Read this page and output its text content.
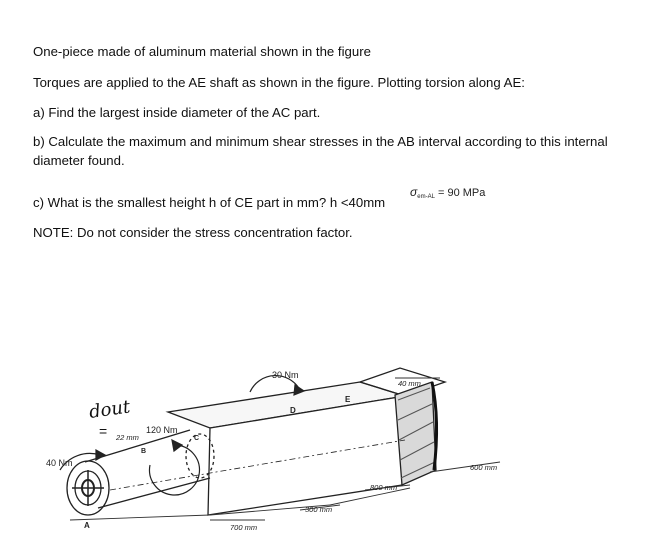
One-piece made of aluminum material shown in the figure
Torques are applied to the AE shaft as shown in the figure. Plotting torsion along AE:
a) Find the largest inside diameter of the AC part.
b) Calculate the maximum and minimum shear stresses in the AB interval according to this internal diameter found.
c) What is the smallest height h of CE part in mm? h <40mm
NOTE: Do not consider the stress concentration factor.
σem-AL = 90 MPa
dout
=
40 Nm
120 Nm
30 Nm
22 mm
40 mm
600 mm
700 mm
300 mm
800 mm
A
B
C
D
E
